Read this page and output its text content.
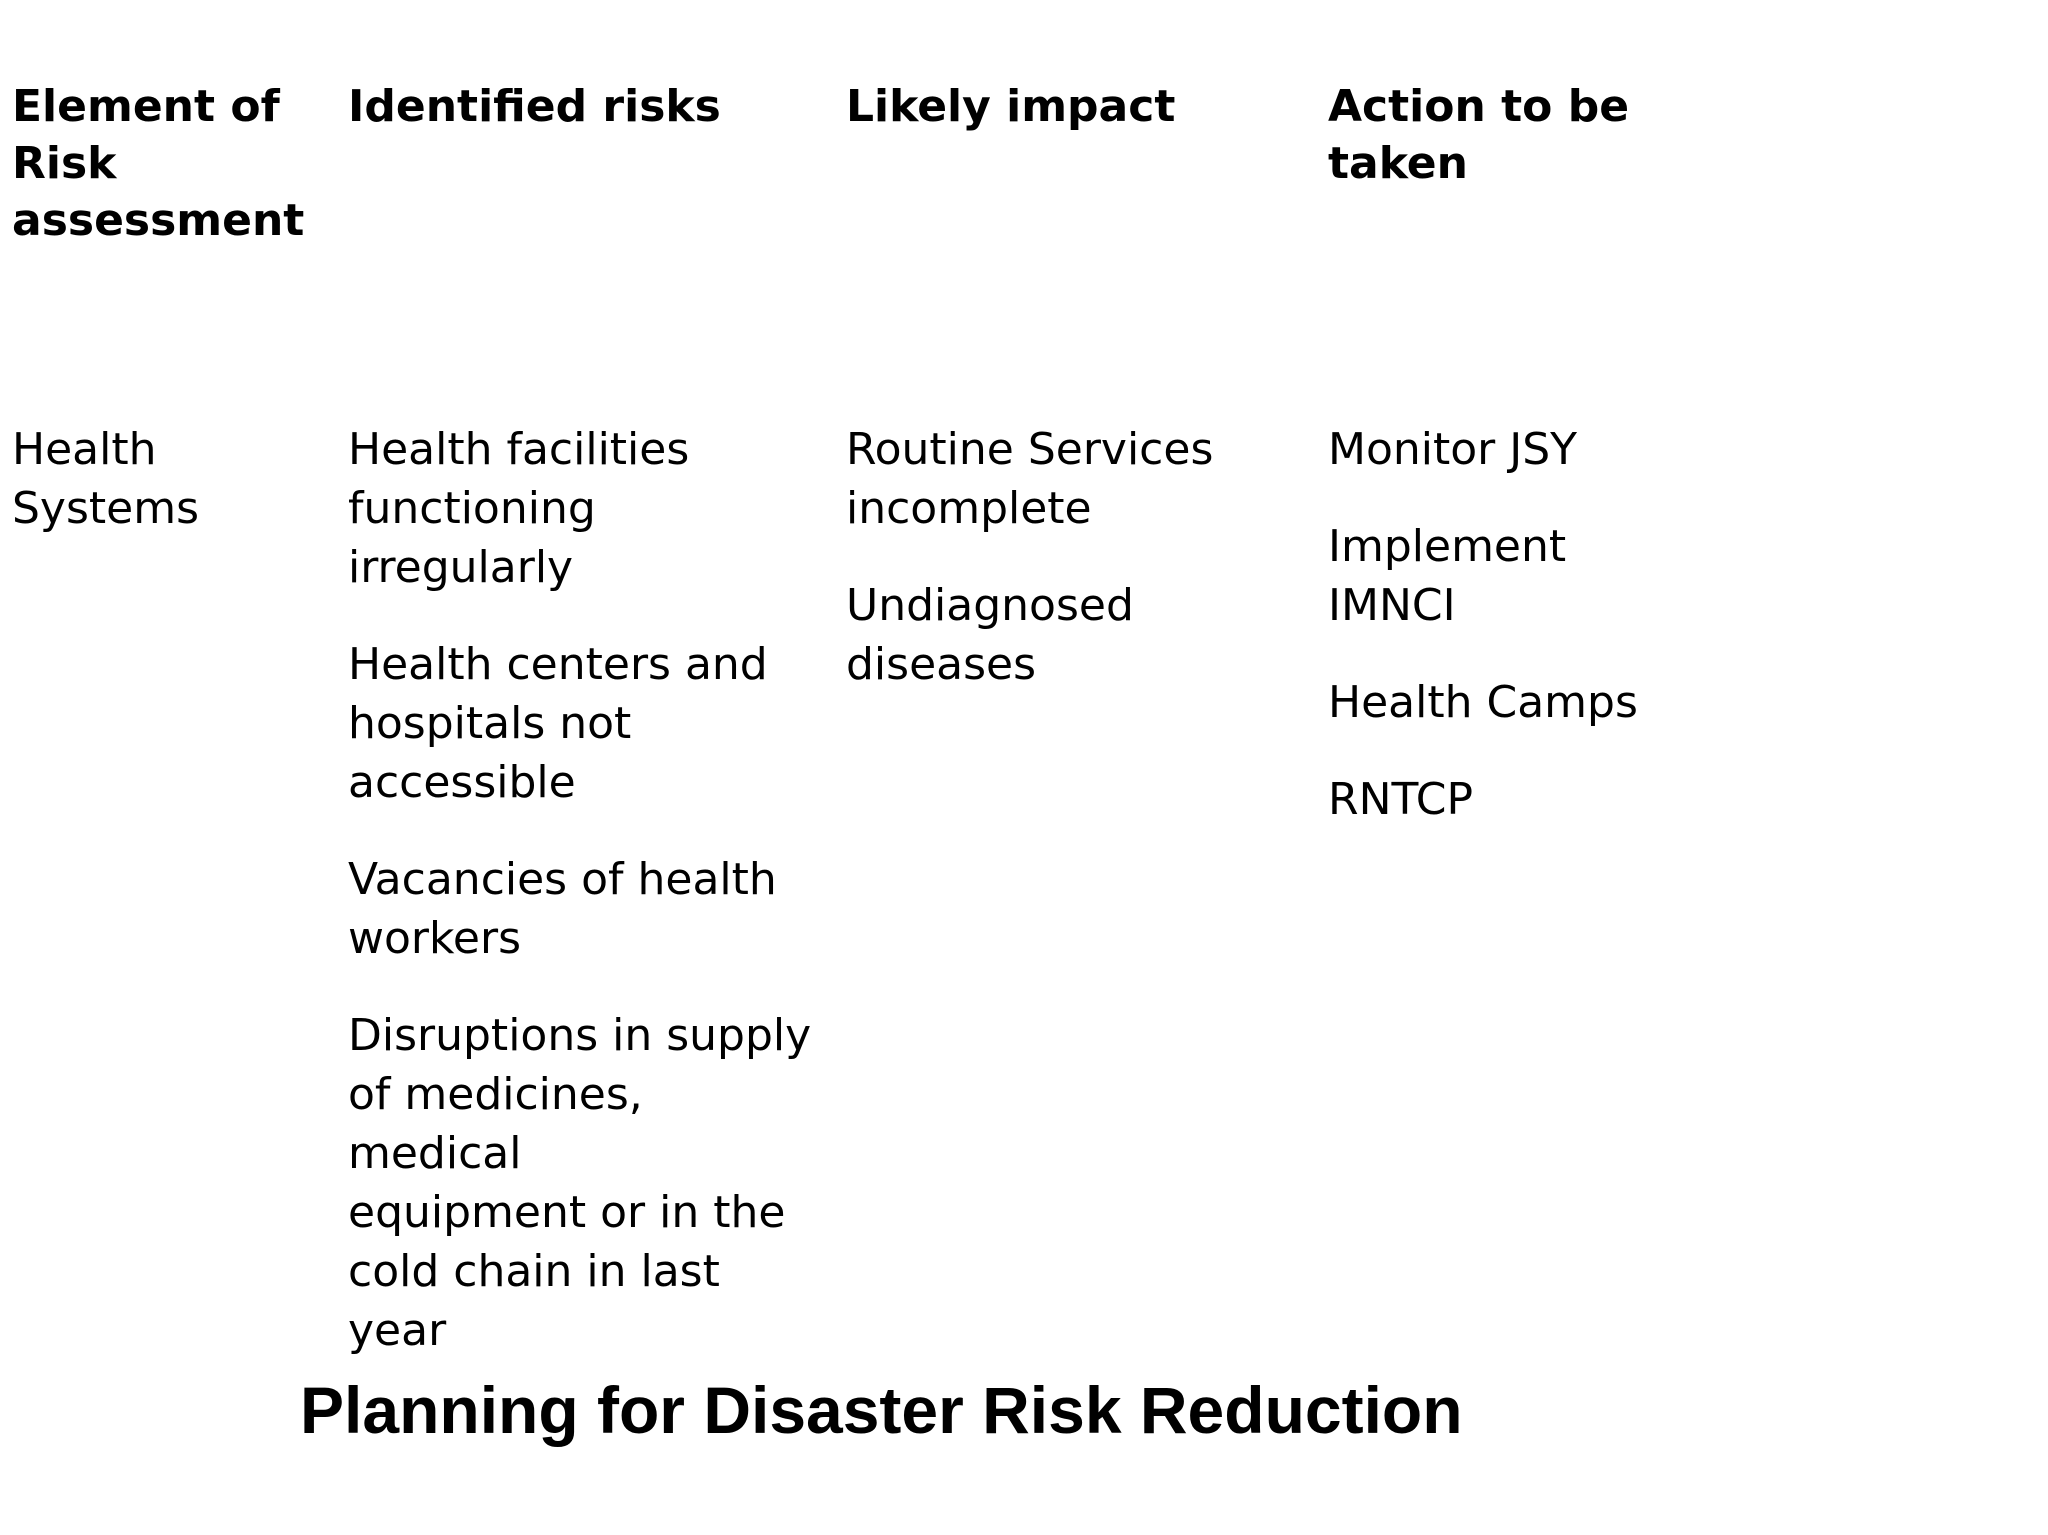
Element of
Risk
assessment

Identified risks	Likely impact	Action to be
taken

Health
Systems
Health facilities
functioning irregularly
Health centers and
hospitals not
accessible
Vacancies of health
workers
Disruptions in supply
of medicines, medical
equipment or in the
cold chain in last year
Routine Services
incomplete
Undiagnosed
diseases
Monitor JSY
Implement
IMNCI
Health Camps
RNTCP
Planning for Disaster Risk Reduction
